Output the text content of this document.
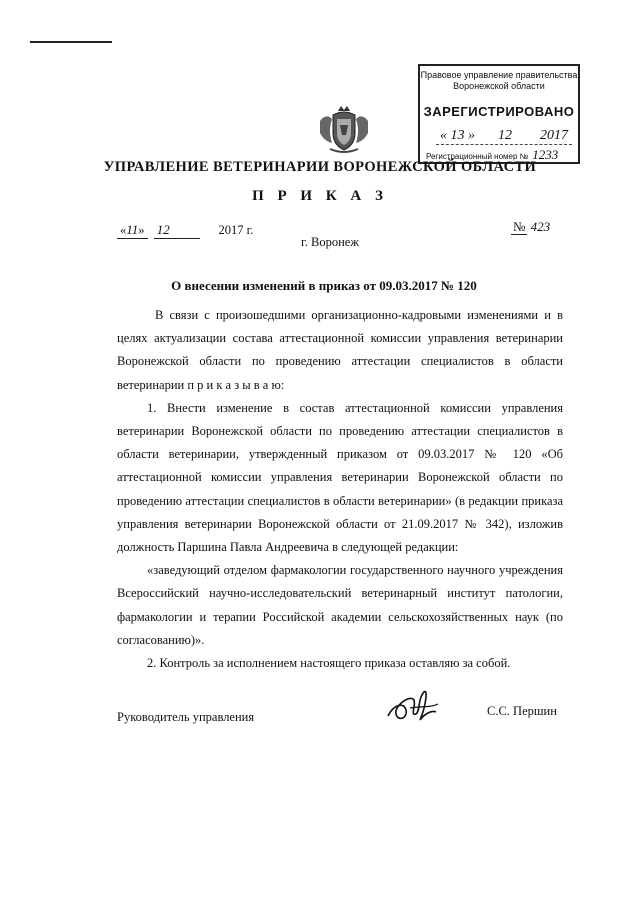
Правовое управление правительства
Воронежской области
ЗАРЕГИСТРИРОВАНО
« 13 » 12 2017
Регистрационный номер № 1233
УПРАВЛЕНИЕ ВЕТЕРИНАРИИ ВОРОНЕЖСКОЙ ОБЛАСТИ
П Р И К А З
«11» 12	2017 г.	№ 423
г. Воронеж
О внесении изменений в приказ от 09.03.2017 № 120

В связи с произошедшими организационно-кадровыми изменениями и в целях актуализации состава аттестационной комиссии управления ветеринарии Воронежской области по проведению аттестации специалистов в области ветеринарии п р и к а з ы в а ю:

1. Внести изменение в состав аттестационной комиссии управления ветеринарии Воронежской области по проведению аттестации специалистов в области ветеринарии, утвержденный приказом от 09.03.2017 № 120 «Об аттестационной комиссии управления ветеринарии Воронежской области по проведению аттестации специалистов в области ветеринарии» (в редакции приказа управления ветеринарии Воронежской области от 21.09.2017 № 342), изложив должность Паршина Павла Андреевича в следующей редакции:

«заведующий отделом фармакологии государственного научного учреждения Всероссийский научно-исследовательский ветеринарный институт патологии, фармакологии и терапии Российской академии сельскохозяйственных наук (по согласованию)».

2. Контроль за исполнением настоящего приказа оставляю за собой.

Руководитель управления	С.С. Першин
